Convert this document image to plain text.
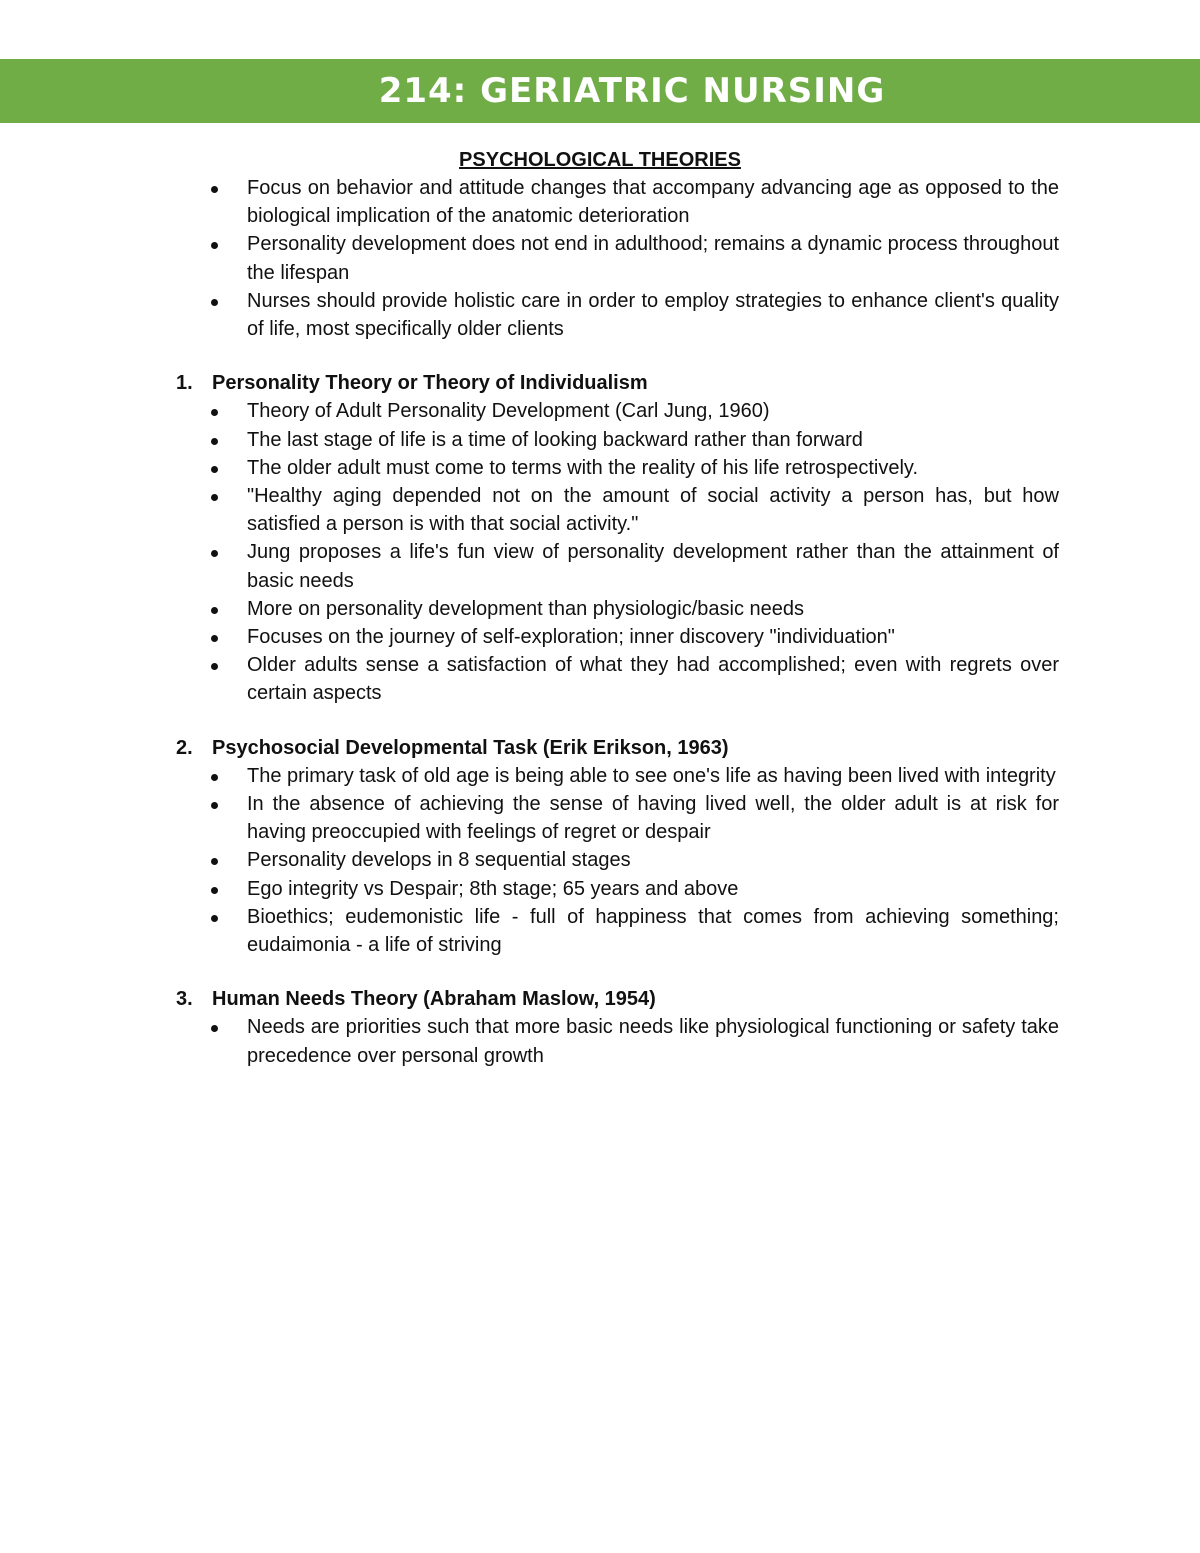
214: GERIATRIC NURSING
PSYCHOLOGICAL THEORIES
Focus on behavior and attitude changes that accompany advancing age as opposed to the biological implication of the anatomic deterioration
Personality development does not end in adulthood; remains a dynamic process throughout the lifespan
Nurses should provide holistic care in order to employ strategies to enhance client's quality of life, most specifically older clients
1. Personality Theory or Theory of Individualism
Theory of Adult Personality Development (Carl Jung, 1960)
The last stage of life is a time of looking backward rather than forward
The older adult must come to terms with the reality of his life retrospectively.
"Healthy aging depended not on the amount of social activity a person has, but how satisfied a person is with that social activity."
Jung proposes a life's fun view of personality development rather than the attainment of basic needs
More on personality development than physiologic/basic needs
Focuses on the journey of self-exploration; inner discovery "individuation"
Older adults sense a satisfaction of what they had accomplished; even with regrets over certain aspects
2. Psychosocial Developmental Task (Erik Erikson, 1963)
The primary task of old age is being able to see one's life as having been lived with integrity
In the absence of achieving the sense of having lived well, the older adult is at risk for having preoccupied with feelings of regret or despair
Personality develops in 8 sequential stages
Ego integrity vs Despair; 8th stage; 65 years and above
Bioethics; eudemonistic life - full of happiness that comes from achieving something; eudaimonia - a life of striving
3. Human Needs Theory (Abraham Maslow, 1954)
Needs are priorities such that more basic needs like physiological functioning or safety take precedence over personal growth
